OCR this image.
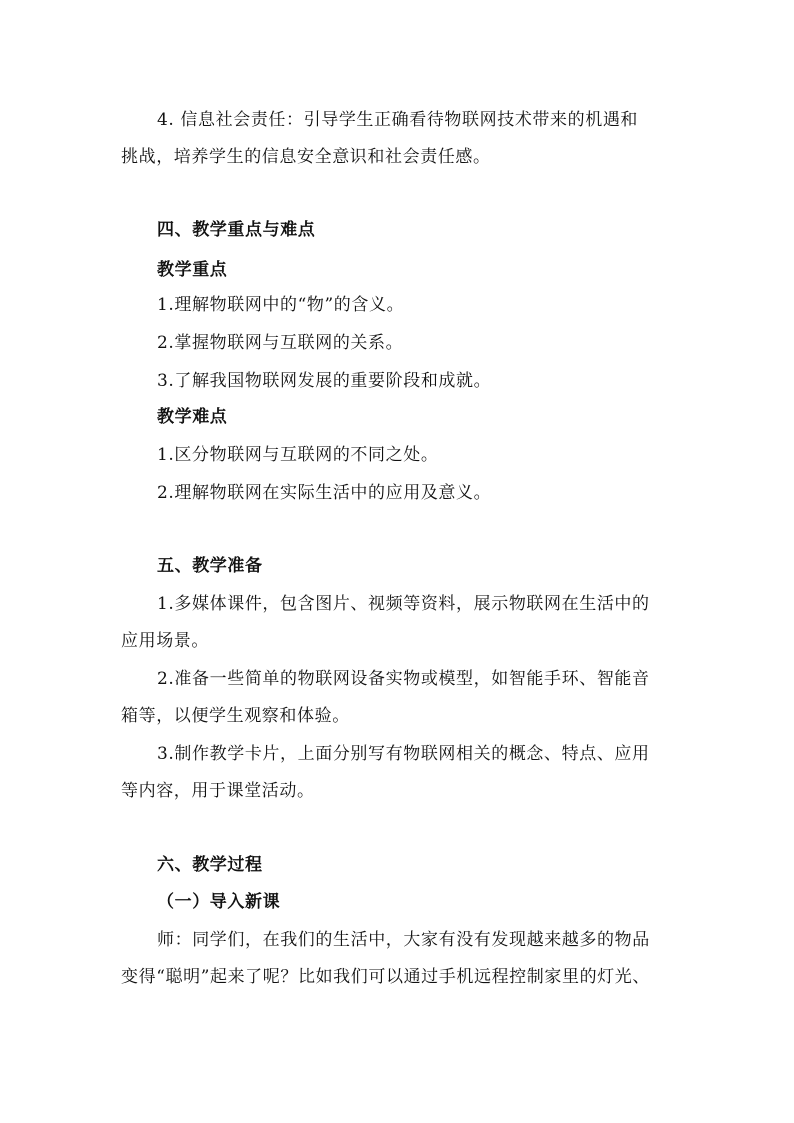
4. 信息社会责任：引导学生正确看待物联网技术带来的机遇和
挑战，培养学生的信息安全意识和社会责任感。
四、教学重点与难点
教学重点
1.理解物联网中的“物”的含义。
2.掌握物联网与互联网的关系。
3.了解我国物联网发展的重要阶段和成就。
教学难点
1.区分物联网与互联网的不同之处。
2.理解物联网在实际生活中的应用及意义。
五、教学准备
1.多媒体课件，包含图片、视频等资料，展示物联网在生活中的
应用场景。
2.准备一些简单的物联网设备实物或模型，如智能手环、智能音
箱等，以便学生观察和体验。
3.制作教学卡片，上面分别写有物联网相关的概念、特点、应用
等内容，用于课堂活动。
六、教学过程
（一）导入新课
师：同学们，在我们的生活中，大家有没有发现越来越多的物品
变得“聪明”起来了呢？比如我们可以通过手机远程控制家里的灯光、
